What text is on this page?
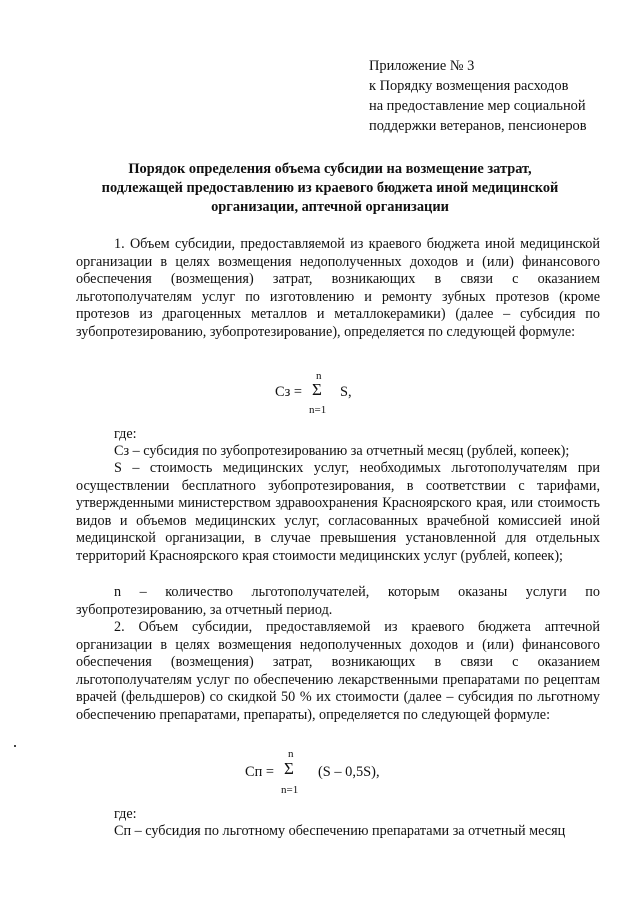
Приложение № 3
к Порядку возмещения расходов
на предоставление мер социальной
поддержки ветеранов, пенсионеров
Порядок определения объема субсидии на возмещение затрат,
подлежащей предоставлению из краевого бюджета иной медицинской
организации, аптечной организации
1. Объем субсидии, предоставляемой из краевого бюджета иной медицинской организации в целях возмещения недополученных доходов и (или) финансового обеспечения (возмещения) затрат, возникающих в связи с оказанием льготополучателям услуг по изготовлению и ремонту зубных протезов (кроме протезов из драгоценных металлов и металлокерамики) (далее – субсидия по зубопротезированию, зубопротезирование), определяется по следующей формуле:
Сз =
n
Σ
n=1
S,
где:
Сз – субсидия по зубопротезированию за отчетный месяц (рублей, копеек);
S – стоимость медицинских услуг, необходимых льготополучателям при осуществлении бесплатного зубопротезирования, в соответствии с тарифами, утвержденными министерством здравоохранения Красноярского края, или стоимость видов и объемов медицинских услуг, согласованных врачебной комиссией иной медицинской организации, в случае превышения установленной для отдельных территорий Красноярского края стоимости медицинских услуг (рублей, копеек);
n – количество льготополучателей, которым оказаны услуги по зубопротезированию, за отчетный период.
2. Объем субсидии, предоставляемой из краевого бюджета аптечной организации в целях возмещения недополученных доходов и (или) финансового обеспечения (возмещения) затрат, возникающих в связи с оказанием льготополучателям услуг по обеспечению лекарственными препаратами по рецептам врачей (фельдшеров) со скидкой 50 % их стоимости (далее – субсидия по льготному обеспечению препаратами, препараты), определяется по следующей формуле:
Сп =
n
Σ
n=1
(S – 0,5S),
где:
Сп – субсидия по льготному обеспечению препаратами за отчетный месяц
